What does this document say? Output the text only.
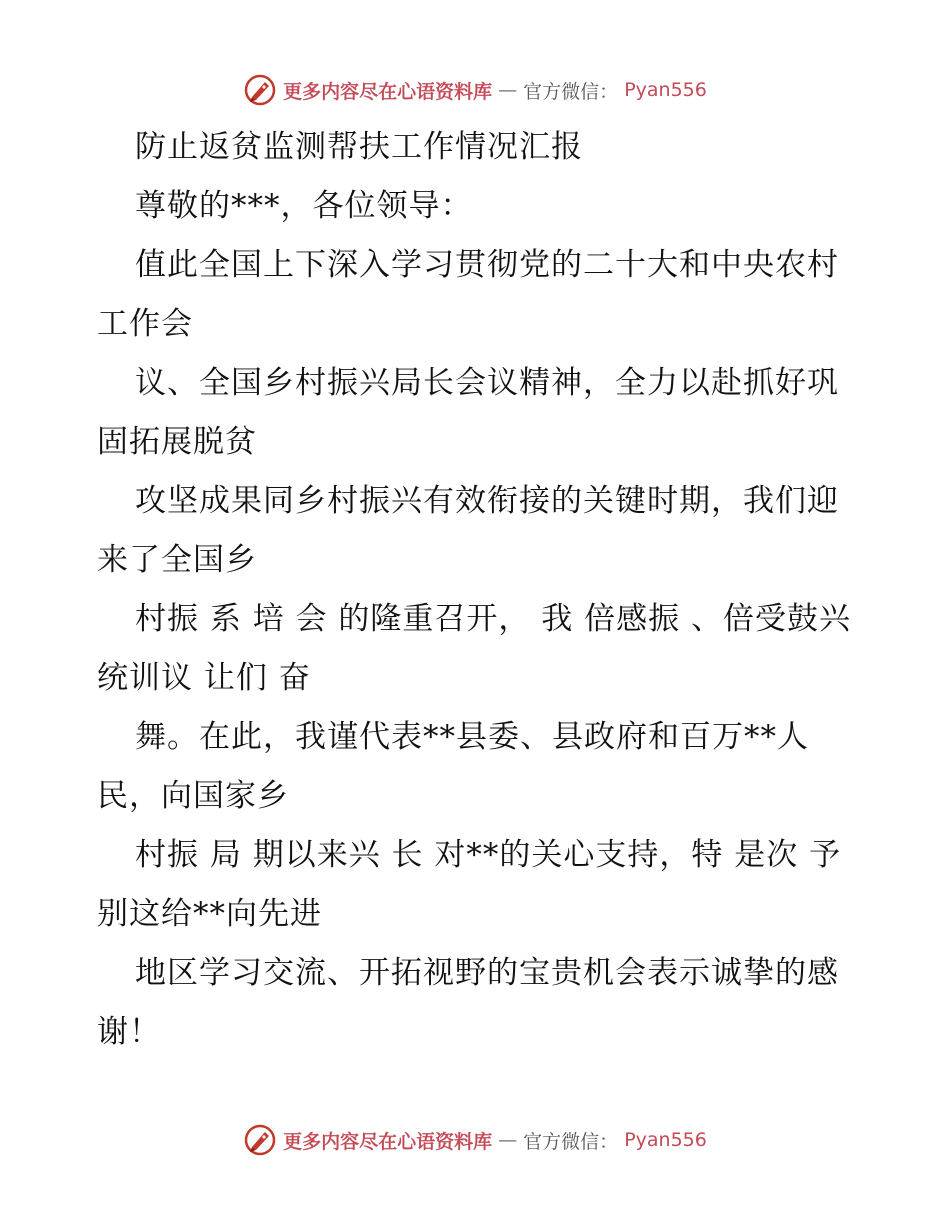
更多内容尽在心语资料库 — 官方微信： Pyan556

防止返贫监测帮扶工作情况汇报

尊敬的***，各位领导：

值此全国上下深入学习贯彻党的二十大和中央农村工作会

议、全国乡村振兴局长会议精神，全力以赴抓好巩固拓展脱贫

攻坚成果同乡村振兴有效衔接的关键时期，我们迎来了全国乡

村振 系 培 会 的隆重召开， 我 倍感振 、倍受鼓兴统训议 让们 奋

舞。在此，我谨代表**县委、县政府和百万**人民，向国家乡

村振 局 期以来兴 长 对**的关心支持，特 是次 予别这给**向先进

地区学习交流、开拓视野的宝贵机会表示诚挚的感谢！

更多内容尽在心语资料库 — 官方微信： Pyan556
